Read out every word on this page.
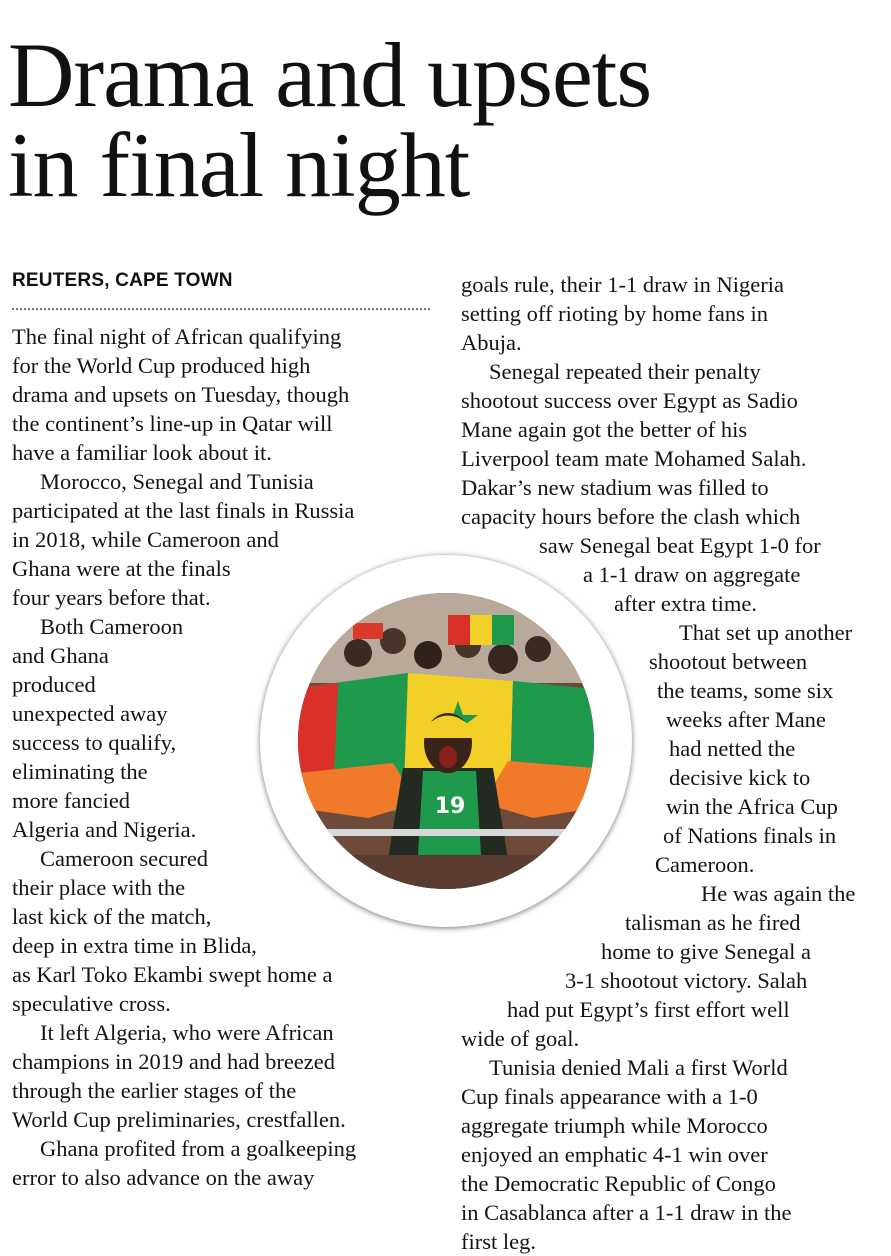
Drama and upsets
in final night
REUTERS, CAPE TOWN

The final night of African qualifying

for the World Cup produced high

drama and upsets on Tuesday, though

the continent’s line-up in Qatar will

have a familiar look about it.

Morocco, Senegal and Tunisia

participated at the last finals in Russia

in 2018, while Cameroon and

Ghana were at the finals

four years before that.

Both Cameroon

and Ghana

produced

unexpected away

success to qualify,

eliminating the

more fancied

Algeria and Nigeria.

Cameroon secured

their place with the

last kick of the match,

deep in extra time in Blida,

as Karl Toko Ekambi swept home a

speculative cross.

It left Algeria, who were African

champions in 2019 and had breezed

through the earlier stages of the

World Cup preliminaries, crestfallen.

Ghana profited from a goalkeeping

error to also advance on the away

goals rule, their 1-1 draw in Nigeria

setting off rioting by home fans in

Abuja.

Senegal repeated their penalty

shootout success over Egypt as Sadio

Mane again got the better of his

Liverpool team mate Mohamed Salah.

Dakar’s new stadium was filled to

capacity hours before the clash which

saw Senegal beat Egypt 1-0 for

a 1-1 draw on aggregate

after extra time.

That set up another

shootout between

the teams, some six

weeks after Mane

had netted the

decisive kick to

win the Africa Cup

of Nations finals in

Cameroon.

He was again the

talisman as he fired

home to give Senegal a

3-1 shootout victory. Salah

had put Egypt’s first effort well

wide of goal.

Tunisia denied Mali a first World

Cup finals appearance with a 1-0

aggregate triumph while Morocco

enjoyed an emphatic 4-1 win over

the Democratic Republic of Congo

in Casablanca after a 1-1 draw in the

first leg.

19
